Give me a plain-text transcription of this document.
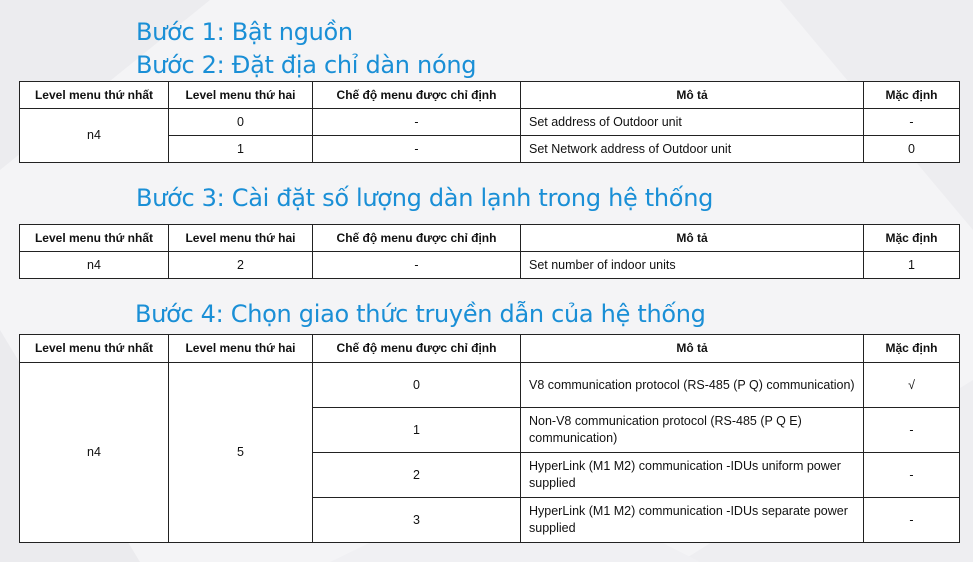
Bước 1: Bật nguồn
Bước 2: Đặt địa chỉ dàn nóng
Level menu thứ nhất	Level menu thứ hai	Chế độ menu được chỉ định	Mô tả	Mặc định
n4	0	-	Set address of Outdoor unit	-
	1	-	Set Network address of Outdoor unit	0
Bước 3: Cài đặt số lượng dàn lạnh trong hệ thống
Level menu thứ nhất	Level menu thứ hai	Chế độ menu được chỉ định	Mô tả	Mặc định
n4	2	-	Set number of indoor units	1
Bước 4: Chọn giao thức truyền dẫn của hệ thống
Level menu thứ nhất	Level menu thứ hai	Chế độ menu được chỉ định	Mô tả	Mặc định
n4	5	0	V8 communication protocol (RS-485 (P Q) communication)	√
		1	Non-V8 communication protocol (RS-485 (P Q E) communication)	-
		2	HyperLink (M1 M2) communication -IDUs uniform power supplied	-
		3	HyperLink (M1 M2) communication -IDUs separate power supplied	-
